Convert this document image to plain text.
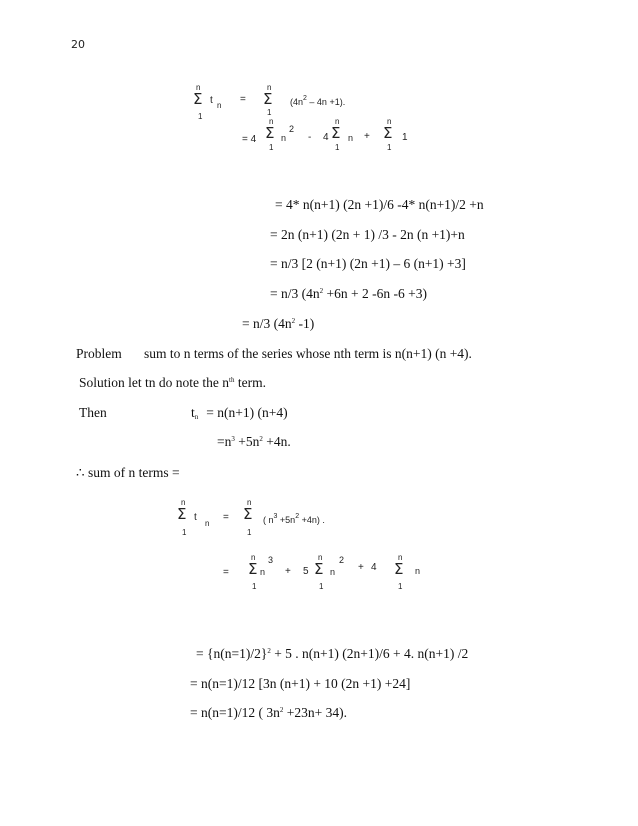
20
n
Σ
1
t n
=
n
Σ
1
$(4n^2 - 4n +1)$.
= 4
n
Σ
1
n
2
- 4
n
Σ
1
n +
n
Σ
1
1
= 4* n(n+1) (2n +1)/6 -4* n(n+1)/2 +n
= 2n (n+1) (2n + 1) /3 - 2n (n +1)+n
= n/3 [2 (n+1) (2n +1) – 6 (n+1) +3]
= n/3 ($4n^2 +6n + 2$ -6n -6 +3)
= n/3 ($4n^2$ -1)
Problem sum to n terms of the series whose nth term is n(n+1) (n +4).
Solution let tn do note the $n^{th}$ term.
Then	$t_n = n(n+1)$ (n+4)
$=n^3 +5n^2 +4n$.
∴ sum of n terms =
n
Σ
1
t
n
=
n
Σ
1
( $n^3 +5n^2 +4n$) .
=
n
Σ
1
n
3
+ 5
n
Σ
1
n
2
+ 4
n
Σ
1
n
= {n(n=1)/2}$^2$ + 5 . n(n+1) (2n+1)/6 + 4. n(n+1) /2
= n(n=1)/12 [3n (n+1) + 10 (2n +1) +24]
= n(n=1)/12 ( $3n^2 +23n+ 34$).
